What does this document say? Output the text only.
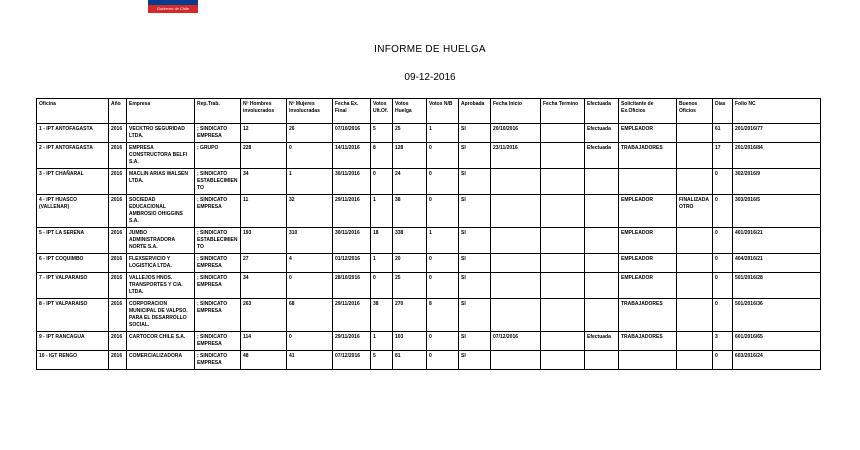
Gobierno de Chile
INFORME DE HUELGA
09-12-2016
Oficina	Año	Empresa	Rep.Trab.	Nº Hombres involucrados	Nº Mujeres involucradas	Fecha Ex. Final	Votos Ult.Of.	Votos Huelga	Votos N/B	Aprobada	Fecha Inicio	Fecha Termino	Efectuada	Solicitante de Ex.Oficios	Buenos Oficios	Días	Folio NC
1 - IPT ANTOFAGASTA	2016	VECKTRO SEGURIDAD LTDA.	; SINDICATO EMPRESA	12	26	07/10/2016	5	25	1	SI	20/10/2016		Efectuada	EMPLEADOR		61	201/2016/77
2 - IPT ANTOFAGASTA	2016	EMPRESA CONSTRUCTORA BELFI S.A.	; GRUPO	228	0	14/11/2016	8	128	0	SI	23/11/2016		Efectuada	TRABAJADORES		17	201/2016/84
3 - IPT CHAÑARAL	2016	MACLIN ARIAS WALSEN LTDA.	; SINDICATO ESTABLECIMIENTO	34	1	30/11/2016	0	24	0	SI						0	302/2016/9
4 - IPT HUASCO (VALLENAR)	2016	SOCIEDAD EDUCACIONAL AMBROSIO OHIGGINS S.A.	; SINDICATO EMPRESA	11	32	29/11/2016	1	38	0	SI				EMPLEADOR	FINALIZADA OTRO	0	303/2016/5
5 - IPT LA SERENA	2016	JUMBO ADMINISTRADORA NORTE S.A.	; SINDICATO ESTABLECIMIENTO	193	310	30/11/2016	18	338	1	SI				EMPLEADOR		0	401/2016/21
6 - IPT COQUIMBO	2016	FLEXSERVICIO Y LOGISTICA LTDA.	; SINDICATO EMPRESA	27	4	01/12/2016	1	20	0	SI				EMPLEADOR		0	404/2016/21
7 - IPT VALPARAISO	2016	VALLEJOS HNOS. TRANSPORTES Y CIA. LTDA.	; SINDICATO EMPRESA	34	0	28/10/2016	0	25	0	SI				EMPLEADOR		0	501/2016/28
8 - IPT VALPARAISO	2016	CORPORACION MUNICIPAL DE VALPSO. PARA EL DESARROLLO SOCIAL.	; SINDICATO EMPRESA	263	68	29/11/2016	38	270	8	SI				TRABAJADORES		0	501/2016/36
9 - IPT RANCAGUA	2016	CARTOCOR CHILE S.A.	; SINDICATO EMPRESA	114	0	29/11/2016	1	103	0	SI	07/12/2016		Efectuada	TRABAJADORES		3	601/2016/65
10 - IGT RENGO	2016	COMERCIALIZADORA	; SINDICATO EMPRESA	48	41	07/12/2016	5	81	0	SI						0	603/2016/24
